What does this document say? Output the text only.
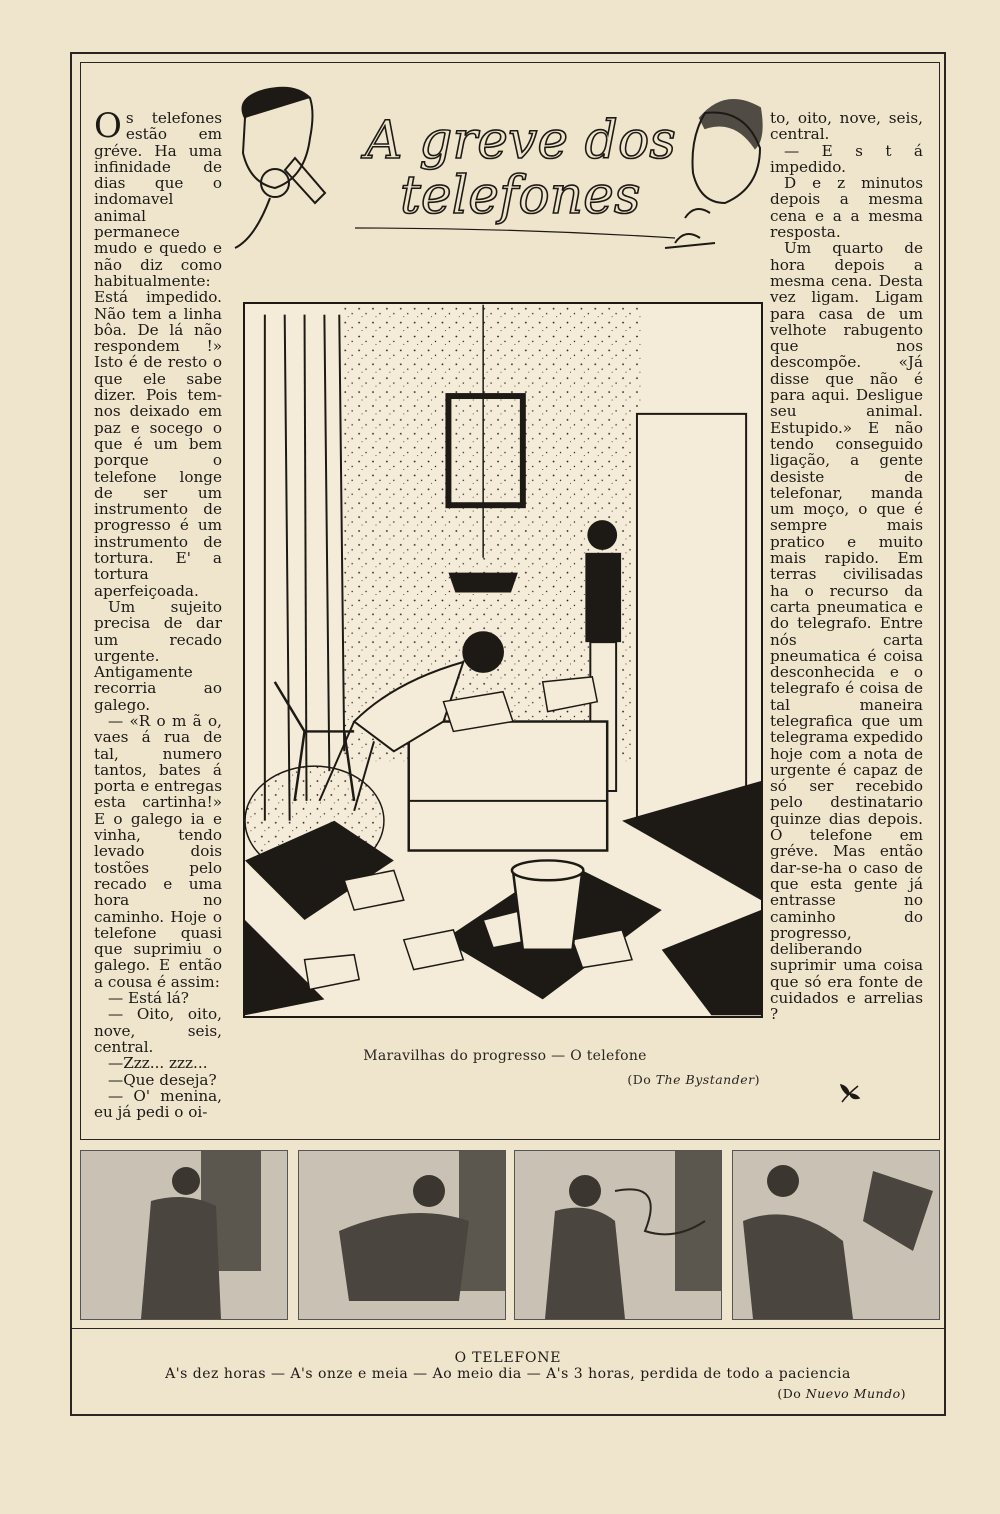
Os telefones estão em gréve. Ha uma infinidade de dias que o indomavel animal permanece mudo e quedo e não diz como habitualmente: Está impedido. Não tem a linha bôa. De lá não respondem !» Isto é de resto o que ele sabe dizer. Pois tem-nos deixado em paz e socego o que é um bem porque o telefone longe de ser um instrumento de progresso é um instrumento de tortura. E' a tortura aperfeiçoada.

Um sujeito precisa de dar um recado urgente. Antigamente recorria ao galego.

— «R o m ã o, vaes á rua de tal, numero tantos, bates á porta e entregas esta cartinha!» E o galego ia e vinha, tendo levado dois tostões pelo recado e uma hora no caminho. Hoje o telefone quasi que suprimiu o galego. E então a cousa é assim:

— Está lá?

— Oito, oito, nove, seis, central.

—Zzz... zzz...

—Que deseja?

— O' menina, eu já pedi o oi-

to, oito, nove, seis, central.

— E s t á impedido.

D e z minutos depois a mesma cena e a a mesma resposta.

Um quarto de hora depois a mesma cena. Desta vez ligam. Ligam para casa de um velhote rabugento que nos descompõe. «Já disse que não é para aqui. Desligue seu animal. Estupido.» E não tendo conseguido ligação, a gente desiste de telefonar, manda um moço, o que é sempre mais pratico e muito mais rapido. Em terras civilisadas ha o recurso da carta pneumatica e do telegrafo. Entre nós carta pneumatica é coisa desconhecida e o telegrafo é coisa de tal maneira telegrafica que um telegrama expedido hoje com a nota de urgente é capaz de só ser recebido pelo destinatario quinze dias depois. O telefone em gréve. Mas então dar-se-ha o caso de que esta gente já entrasse no caminho do progresso, deliberando suprimir uma coisa que só era fonte de cuidados e arrelias ?

A greve dos
telefones
Maravilhas do progresso — O telefone
(Do The Bystander)
O TELEFONE
A's dez horas — A's onze e meia — Ao meio dia — A's 3 horas, perdida de todo a paciencia
(Do Nuevo Mundo)
